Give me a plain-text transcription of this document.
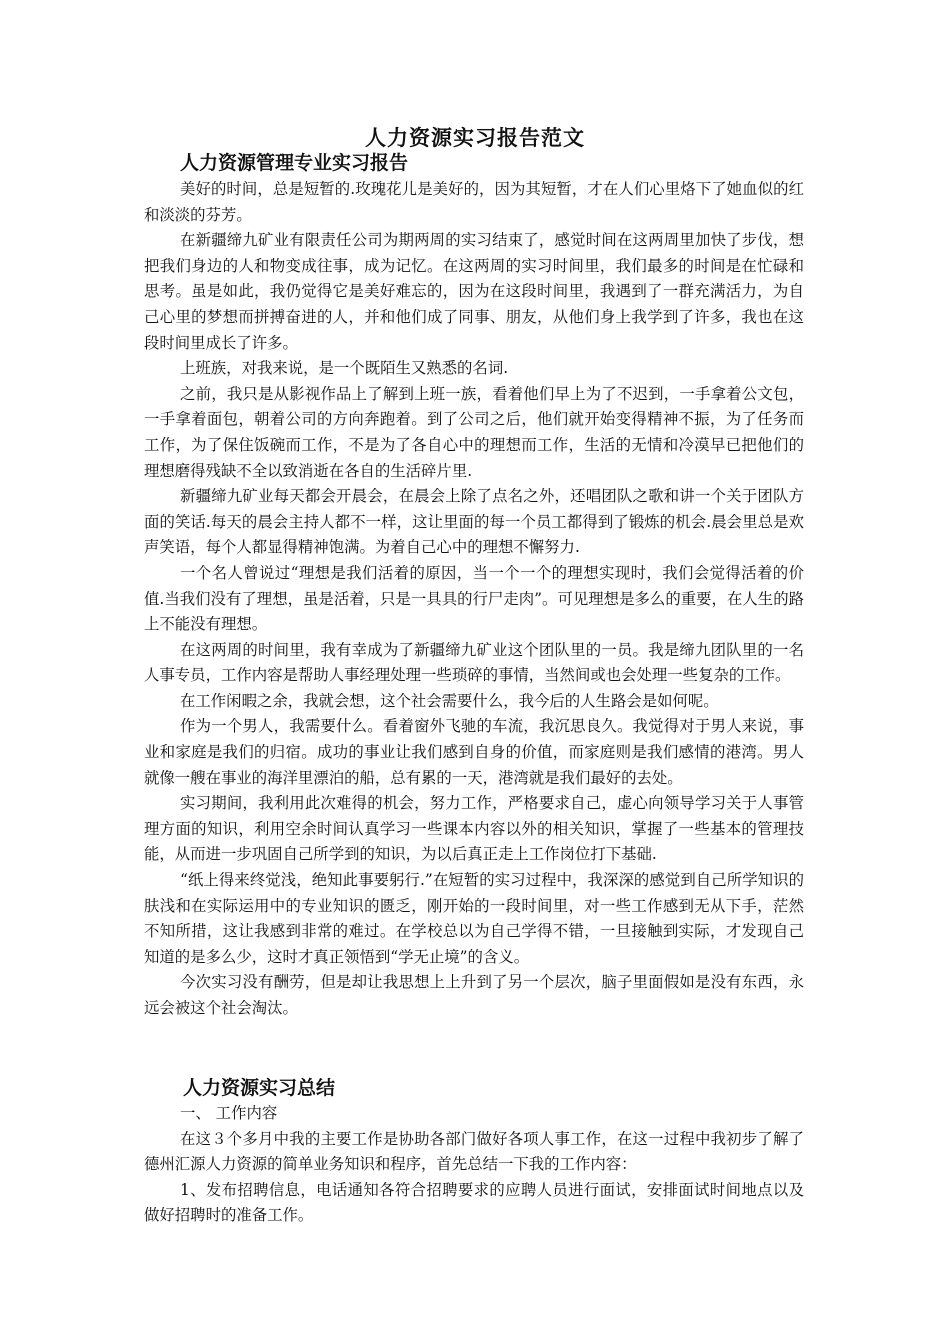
人力资源实习报告范文
人力资源管理专业实习报告

美好的时间，总是短暂的.玫瑰花儿是美好的，因为其短暂，才在人们心里烙下了她血似的红和淡淡的芬芳。

在新疆缔九矿业有限责任公司为期两周的实习结束了，感觉时间在这两周里加快了步伐，想把我们身边的人和物变成往事，成为记忆。在这两周的实习时间里，我们最多的时间是在忙碌和思考。虽是如此，我仍觉得它是美好难忘的，因为在这段时间里，我遇到了一群充满活力，为自己心里的梦想而拼搏奋进的人，并和他们成了同事、朋友，从他们身上我学到了许多，我也在这段时间里成长了许多。

上班族，对我来说，是一个既陌生又熟悉的名词.

之前，我只是从影视作品上了解到上班一族，看着他们早上为了不迟到，一手拿着公文包，一手拿着面包，朝着公司的方向奔跑着。到了公司之后，他们就开始变得精神不振，为了任务而工作，为了保住饭碗而工作，不是为了各自心中的理想而工作，生活的无情和冷漠早已把他们的理想磨得残缺不全以致消逝在各自的生活碎片里.

新疆缔九矿业每天都会开晨会，在晨会上除了点名之外，还唱团队之歌和讲一个关于团队方面的笑话.每天的晨会主持人都不一样，这让里面的每一个员工都得到了锻炼的机会.晨会里总是欢声笑语，每个人都显得精神饱满。为着自己心中的理想不懈努力.

一个名人曾说过“理想是我们活着的原因，当一个一个的理想实现时，我们会觉得活着的价值.当我们没有了理想，虽是活着，只是一具具的行尸走肉”。可见理想是多么的重要，在人生的路上不能没有理想。

在这两周的时间里，我有幸成为了新疆缔九矿业这个团队里的一员。我是缔九团队里的一名人事专员，工作内容是帮助人事经理处理一些琐碎的事情，当然间或也会处理一些复杂的工作。

在工作闲暇之余，我就会想，这个社会需要什么，我今后的人生路会是如何呢。

作为一个男人，我需要什么。看着窗外飞驰的车流，我沉思良久。我觉得对于男人来说，事业和家庭是我们的归宿。成功的事业让我们感到自身的价值，而家庭则是我们感情的港湾。男人就像一艘在事业的海洋里漂泊的船，总有累的一天，港湾就是我们最好的去处。

实习期间，我利用此次难得的机会，努力工作，严格要求自己，虚心向领导学习关于人事管理方面的知识，利用空余时间认真学习一些课本内容以外的相关知识，掌握了一些基本的管理技能，从而进一步巩固自己所学到的知识，为以后真正走上工作岗位打下基础.

“纸上得来终觉浅，绝知此事要躬行.”在短暂的实习过程中，我深深的感觉到自己所学知识的肤浅和在实际运用中的专业知识的匮乏，刚开始的一段时间里，对一些工作感到无从下手，茫然不知所措，这让我感到非常的难过。在学校总以为自己学得不错，一旦接触到实际，才发现自己知道的是多么少，这时才真正领悟到“学无止境”的含义。

今次实习没有酬劳，但是却让我思想上上升到了另一个层次，脑子里面假如是没有东西，永远会被这个社会淘汰。

人力资源实习总结

一、 工作内容

在这３个多月中我的主要工作是协助各部门做好各项人事工作，在这一过程中我初步了解了德州汇源人力资源的简单业务知识和程序，首先总结一下我的工作内容：

1、发布招聘信息，电话通知各符合招聘要求的应聘人员进行面试，安排面试时间地点以及做好招聘时的准备工作。
